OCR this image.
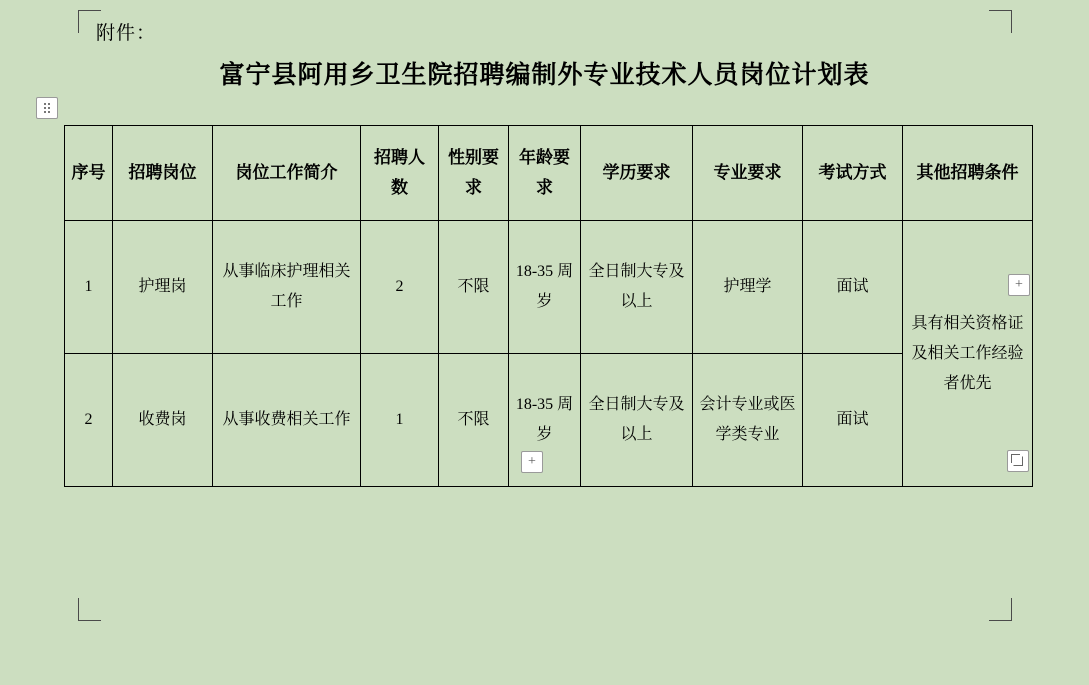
附件：
富宁县阿用乡卫生院招聘编制外专业技术人员岗位计划表
序号	招聘岗位	岗位工作简介	招聘人数	性别要求	年龄要求	学历要求	专业要求	考试方式	其他招聘条件
1	护理岗	从事临床护理相关工作	2	不限	18-35 周岁	全日制大专及以上	护理学	面试	具有相关资格证及相关工作经验者优先
2	收费岗	从事收费相关工作	1	不限	18-35 周岁	全日制大专及以上	会计专业或医学类专业	面试	
+
+
